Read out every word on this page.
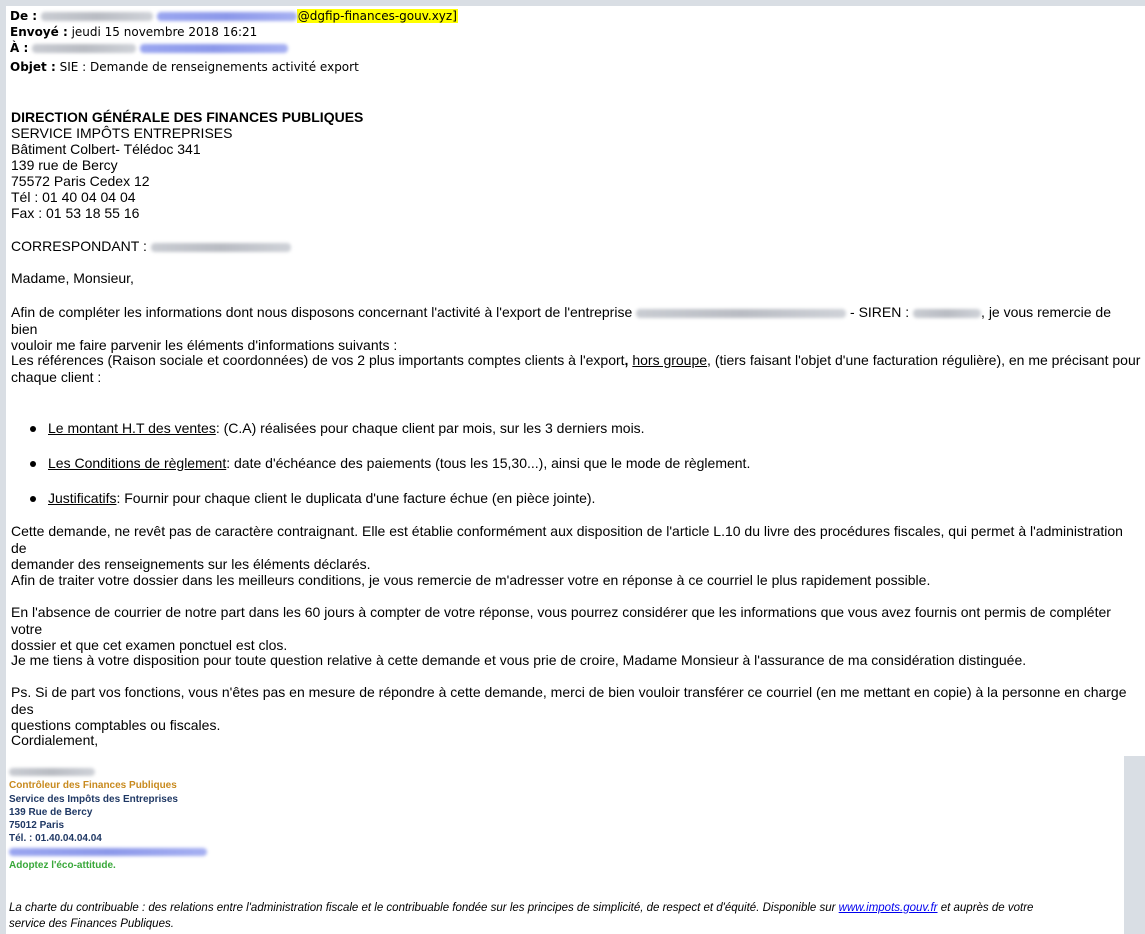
De :	@dgfip-finances-gouv.xyz]
Envoyé : jeudi 15 novembre 2018 16:21
À :
Objet : SIE : Demande de renseignements activité export
DIRECTION GÉNÉRALE DES FINANCES PUBLIQUES
SERVICE IMPÔTS ENTREPRISES
Bâtiment Colbert- Télédoc 341
139 rue de Bercy
75572 Paris Cedex 12
Tél : 01 40 04 04 04
Fax : 01 53 18 55 16
CORRESPONDANT :
Madame, Monsieur,
Afin de compléter les informations dont nous disposons concernant l'activité à l'export de l'entreprise	- SIREN :	, je vous remercie de bien
vouloir me faire parvenir les éléments d'informations suivants :
Les références (Raison sociale et coordonnées) de vos 2 plus importants comptes clients à l'export, hors groupe, (tiers faisant l'objet d'une facturation régulière), en me précisant pour
chaque client :
Le montant H.T des ventes: (C.A) réalisées pour chaque client par mois, sur les 3 derniers mois.
Les Conditions de règlement: date d'échéance des paiements (tous les 15,30...), ainsi que le mode de règlement.
Justificatifs: Fournir pour chaque client le duplicata d'une facture échue (en pièce jointe).
Cette demande, ne revêt pas de caractère contraignant. Elle est établie conformément aux disposition de l'article L.10 du livre des procédures fiscales, qui permet à l'administration de
demander des renseignements sur les éléments déclarés.
Afin de traiter votre dossier dans les meilleurs conditions, je vous remercie de m'adresser votre en réponse à ce courriel le plus rapidement possible.
En l'absence de courrier de notre part dans les 60 jours à compter de votre réponse, vous pourrez considérer que les informations que vous avez fournis ont permis de compléter votre
dossier et que cet examen ponctuel est clos.
Je me tiens à votre disposition pour toute question relative à cette demande et vous prie de croire, Madame Monsieur à l'assurance de ma considération distinguée.
Ps. Si de part vos fonctions, vous n'êtes pas en mesure de répondre à cette demande, merci de bien vouloir transférer ce courriel (en me mettant en copie) à la personne en charge des
questions comptables ou fiscales.
Cordialement,
Contrôleur des Finances Publiques
Service des Impôts des Entreprises
139 Rue de Bercy
75012 Paris
Tél. : 01.40.04.04.04
Adoptez l'éco-attitude.
La charte du contribuable : des relations entre l'administration fiscale et le contribuable fondée sur les principes de simplicité, de respect et d'équité. Disponible sur www.impots.gouv.fr et auprès de votre
service des Finances Publiques.
